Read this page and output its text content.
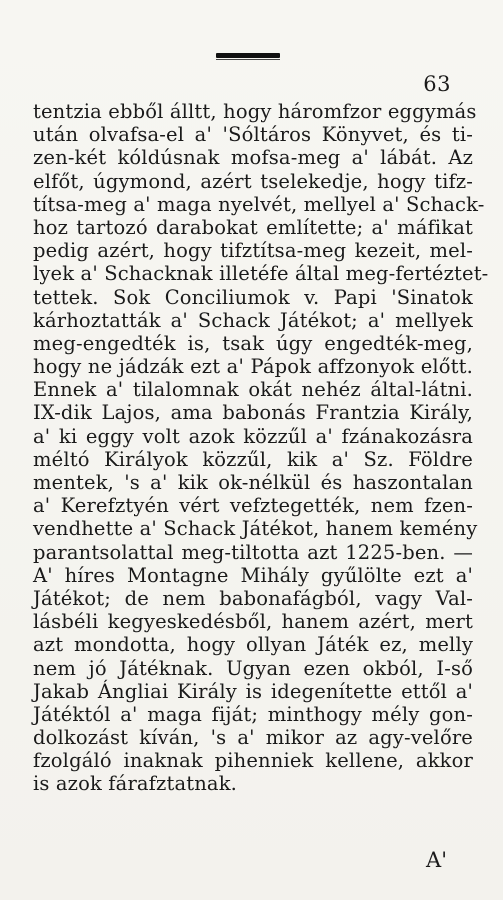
63
tentzia ebből álltt, hogy háromfzor eggymás
után olvafsa-el a' 'Sóltáros Könyvet, és ti-
zen-két kóldúsnak mofsa-meg a' lábát. Az
elfőt, úgymond, azért tselekedje, hogy tifz-
títsa-meg a' maga nyelvét, mellyel a' Schack-
hoz tartozó darabokat említette; a' máfikat
pedig azért, hogy tifztítsa-meg kezeit, mel-
lyek a' Schacknak illetéfe által meg-fertéztet-
tettek. Sok Conciliumok v. Papi 'Sinatok
kárhoztatták a' Schack Játékot; a' mellyek
meg-engedték is, tsak úgy engedték-meg,
hogy ne jádzák ezt a' Pápok affzonyok előtt.
Ennek a' tilalomnak okát nehéz által-látni.
IX-dik Lajos, ama babonás Frantzia Király,
a' ki eggy volt azok közzűl a' fzánakozásra
méltó Királyok közzűl, kik a' Sz. Földre
mentek, 's a' kik ok-nélkül és haszontalan
a' Kerefztyén vért vefztegették, nem fzen-
vendhette a' Schack Játékot, hanem kemény
parantsolattal meg-tiltotta azt 1225-ben. —
A' híres Montagne Mihály gyűlölte ezt a'
Játékot; de nem babonafágból, vagy Val-
lásbéli kegyeskedésből, hanem azért, mert
azt mondotta, hogy ollyan Játék ez, melly
nem jó Játéknak. Ugyan ezen okból, I-ső
Jakab Ángliai Király is idegenítette ettől a'
Játéktól a' maga fiját; minthogy mély gon-
dolkozást kíván, 's a' mikor az agy-velőre
fzolgáló inaknak pihenniek kellene, akkor
is azok fárafztatnak.
A'
